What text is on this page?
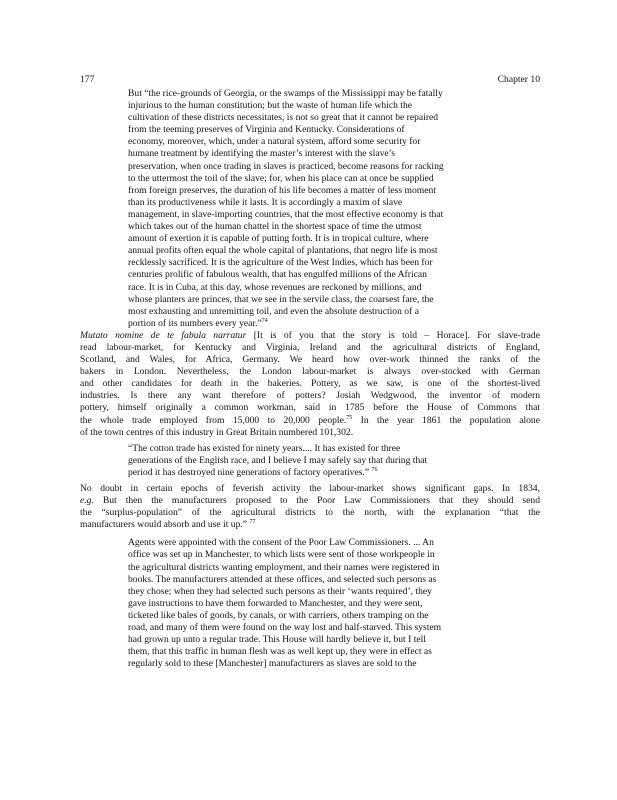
177	Chapter 10
But “the rice-grounds of Georgia, or the swamps of the Mississippi may be fatally
injurious to the human constitution; but the waste of human life which the
cultivation of these districts necessitates, is not so great that it cannot be repaired
from the teeming preserves of Virginia and Kentucky. Considerations of
economy, moreover, which, under a natural system, afford some security for
humane treatment by identifying the master’s interest with the slave’s
preservation, when once trading in slaves is practiced, become reasons for racking
to the uttermost the toil of the slave; for, when his place can at once be supplied
from foreign preserves, the duration of his life becomes a matter of less moment
than its productiveness while it lasts. It is accordingly a maxim of slave
management, in slave-importing countries, that the most effective economy is that
which takes out of the human chattel in the shortest space of time the utmost
amount of exertion it is capable of putting forth. It is in tropical culture, where
annual profits often equal the whole capital of plantations, that negro life is most
recklessly sacrificed. It is the agriculture of the West Indies, which has been for
centuries prolific of fabulous wealth, that has engulfed millions of the African
race. It is in Cuba, at this day, whose revenues are reckoned by millions, and
whose planters are princes, that we see in the servile class, the coarsest fare, the
most exhausting and unremitting toil, and even the absolute destruction of a
portion of its numbers every year.”$^{74}$
Mutato nomine de te fabula narratur [It is of you that the story is told – Horace]. For slave-trade
read labour-market, for Kentucky and Virginia, Ireland and the agricultural districts of England,
Scotland, and Wales, for Africa, Germany. We heard how over-work thinned the ranks of the
bakers in London. Nevertheless, the London labour-market is always over-stocked with German
and other candidates for death in the bakeries. Pottery, as we saw, is one of the shortest-lived
industries. Is there any want therefore of potters? Josiah Wedgwood, the inventor of modern
pottery, himself originally a common workman, said in 1785 before the House of Commons that
the whole trade employed from 15,000 to 20,000 people.$^{75}$ In the year 1861 the population alone
of the town centres of this industry in Great Britain numbered 101,302.
“The cotton trade has existed for ninety years.... It has existed for three
generations of the English race, and I believe I may safely say that during that
period it has destroyed nine generations of factory operatives.” $^{76}$
No doubt in certain epochs of feverish activity the labour-market shows significant gaps. In 1834,
e.g. But then the manufacturers proposed to the Poor Law Commissioners that they should send
the “surplus-population” of the agricultural districts to the north, with the explanation “that the
manufacturers would absorb and use it up.” $^{77}$
Agents were appointed with the consent of the Poor Law Commissioners. ... An
office was set up in Manchester, to which lists were sent of those workpeople in
the agricultural districts wanting employment, and their names were registered in
books. The manufacturers attended at these offices, and selected such persons as
they chose; when they had selected such persons as their ‘wants required’, they
gave instructions to have them forwarded to Manchester, and they were sent,
ticketed like bales of goods, by canals, or with carriers, others tramping on the
road, and many of them were found on the way lost and half-starved. This system
had grown up unto a regular trade. This House will hardly believe it, but I tell
them, that this traffic in human flesh was as well kept up, they were in effect as
regularly sold to these [Manchester] manufacturers as slaves are sold to the
